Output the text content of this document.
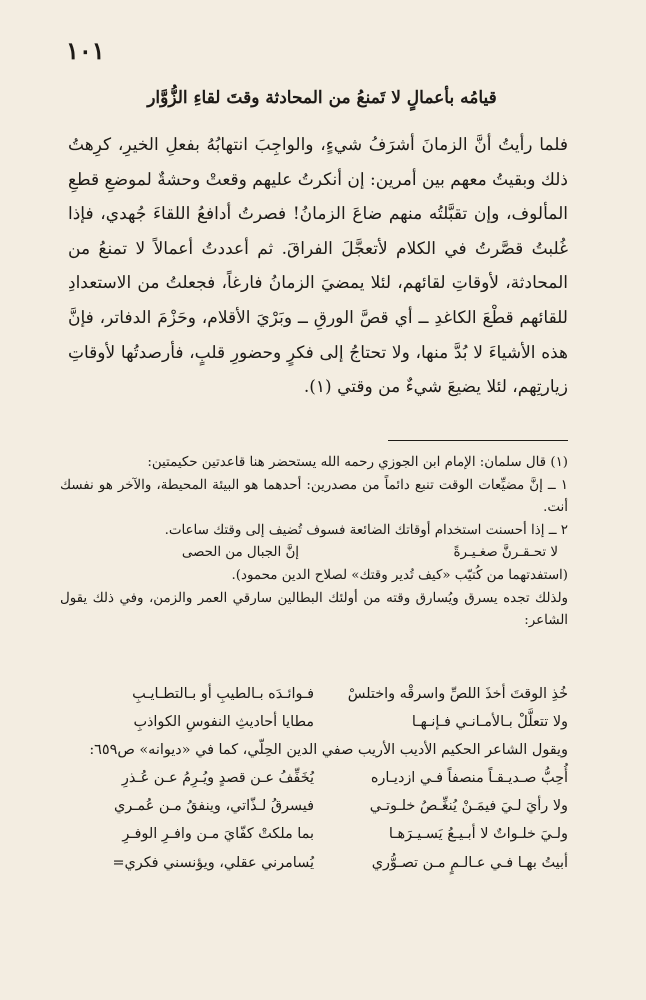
١٠١
قيامُه بأعمالٍ لا تَمنعُ من المحادثة وقتَ لقاءِ الزُّوَّار

فلما رأيتُ أنَّ الزمانَ أشرَفُ شيءٍ، والواجِبَ انتهابُهُ بفعلِ الخيرِ، كرِهتُ ذلك وبقيتُ معهم بين أمرين: إن أنكرتُ عليهم وقعتْ وحشةٌ لموضعِ قطعِ المألوف، وإن تقبَّلتُه منهم ضاعَ الزمانُ! فصرتُ أدافعُ اللقاءَ جُهدي، فإذا غُلبتُ قصَّرتُ في الكلام لأتعجَّلَ الفراقَ. ثم أعددتُ أعمالاً لا تمنعُ من المحادثة، لأوقاتِ لقائهم، لئلا يمضيَ الزمانُ فارغاً، فجعلتُ من الاستعدادِ للقائهم قطْعَ الكاغدِ ــ أي قصَّ الورقِ ــ وبَرْيَ الأقلام، وحَزْمَ الدفاتر، فإنَّ هذه الأشياءَ لا بُدَّ منها، ولا تحتاجُ إلى فكرٍ وحضورِ قلبٍ، فأرصدتُها لأوقاتِ زيارتِهم، لئلا يضيعَ شيءٌ من وقتي (١).

(١) قال سلمان: الإمام ابن الجوزي رحمه الله يستحضر هنا قاعدتين حكيمتين:

١ ــ إنَّ مضيِّعات الوقت تنبع دائماً من مصدرين: أحدهما هو البيئة المحيطة، والآخر هو نفسك أنت.

٢ ــ إذا أحسنت استخدام أوقاتك الضائعة فسوف تُضيف إلى وقتك ساعات.

لا تحـقـرنَّ صغـيـرةً
إنَّ الجبال من الحصى

(استفدتهما من كُتيّب «كيف تُدير وقتك» لصلاح الدين محمود).

ولذلك تجده يسرق ويُسارق وقته من أولئك البطالين سارقي العمر والزمن، وفي ذلك يقول الشاعر:

خُذِ الوقتَ أخذَ اللصِّ واسرقْه واختلسْ
فـوائـدَه بـالطيبِ أو بـالتطـايـبِ
ولا تتعلَّلْ بـالأمـانـي فـإنـهـا
مطايا أحاديثِ النفوسِ الكواذبِ
ويقول الشاعر الحكيم الأديب الأريب صفي الدين الحِلّي، كما في «ديوانه» ص٦٥٩:
أُحِبُّ صـديـقـاً منصفاً فـي ازديـاره
يُخَفِّفُ عـن قصدٍ ويُـرِمُ عـن عُـذرِ
ولا رأيَ لـيَ فيمَـنْ يُنغِّـصُ خلـوتـي
فيسرقُ لـذّاتي، وينفقُ مـن عُمـري
ولـيَ خلـواتٌ لا أبـيـعُ يَسـيـرَهـا
بما ملكتْ كفّايَ مـن وافـرِ الوفـرِ
أبيتُ بهـا فـي عـالـمٍ مـن تصـوُّري
يُسامرني عقلي، ويؤنسني فكري=
